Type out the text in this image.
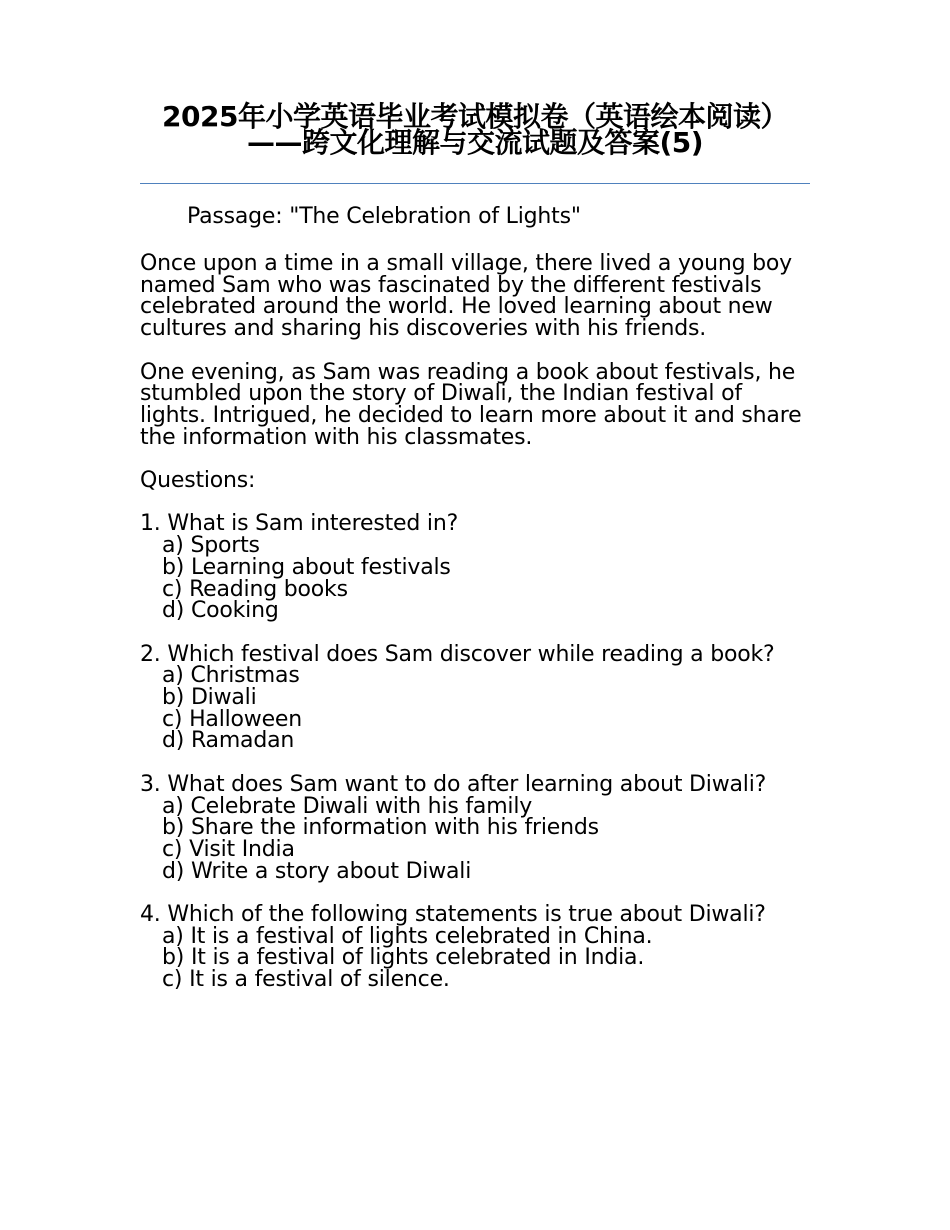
2025年小学英语毕业考试模拟卷（英语绘本阅读）——跨文化理解与交流试题及答案(5)

Passage: "The Celebration of Lights"

Once upon a time in a small village, there lived a young boy named Sam who was fascinated by the different festivals celebrated around the world. He loved learning about new cultures and sharing his discoveries with his friends.

One evening, as Sam was reading a book about festivals, he stumbled upon the story of Diwali, the Indian festival of lights. Intrigued, he decided to learn more about it and share the information with his classmates.

Questions:

1. What is Sam interested in?

a) Sports
b) Learning about festivals
c) Reading books
d) Cooking

2. Which festival does Sam discover while reading a book?

a) Christmas
b) Diwali
c) Halloween
d) Ramadan

3. What does Sam want to do after learning about Diwali?

a) Celebrate Diwali with his family
b) Share the information with his friends
c) Visit India
d) Write a story about Diwali

4. Which of the following statements is true about Diwali?

a) It is a festival of lights celebrated in China.
b) It is a festival of lights celebrated in India.
c) It is a festival of silence.
